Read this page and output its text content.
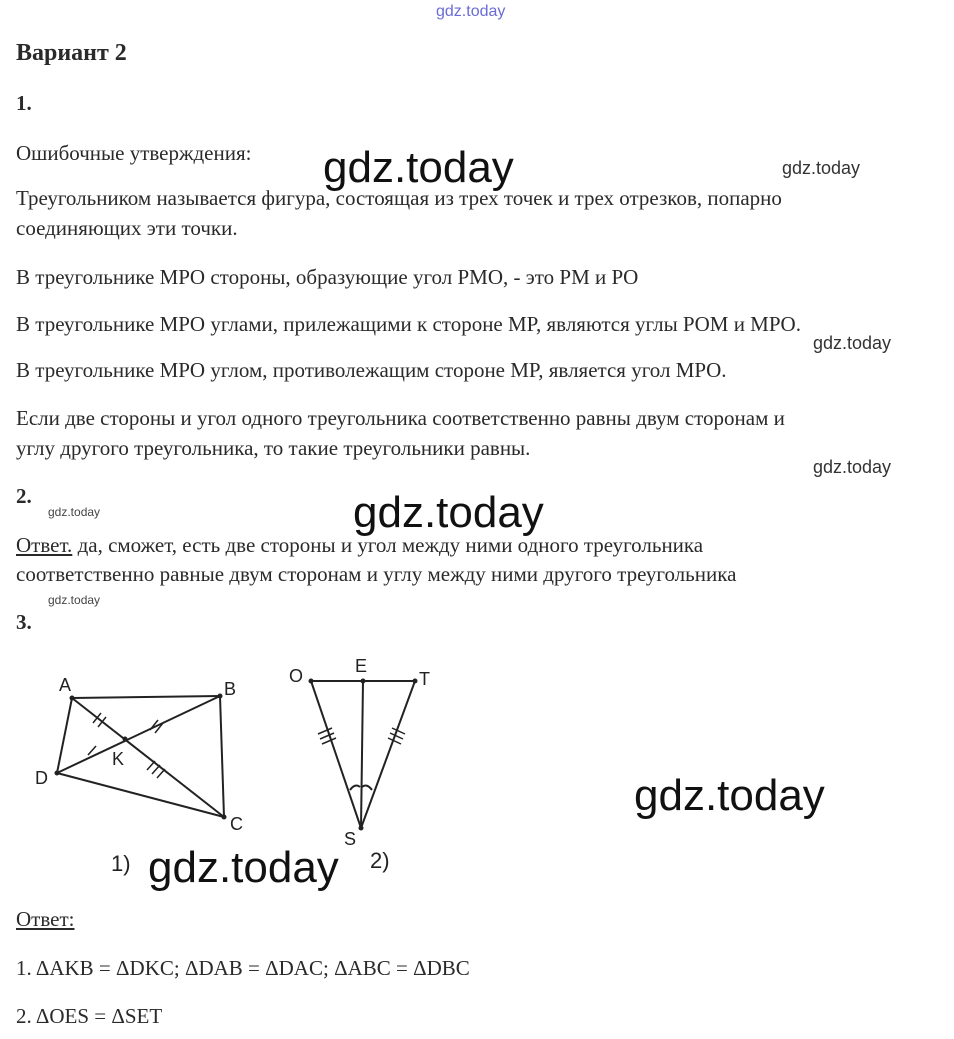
gdz.today
Вариант 2
1.
Ошибочные утверждения:
Треугольником называется фигура, состоящая из трех точек и трех отрезков, попарно
соединяющих эти точки.
В треугольнике MPO стороны, образующие угол PMO, - это PM и PO
В треугольнике MPO углами, прилежащими к стороне MP, являются углы POM и MPO.
В треугольнике MPO углом, противолежащим стороне MP, является угол MPO.
Если две стороны и угол одного треугольника соответственно равны двум сторонам и
углу другого треугольника, то такие треугольники равны.
2.
Ответ. да, сможет, есть две стороны и угол между ними одного треугольника
соответственно равные двум сторонам и углу между ними другого треугольника
3.
A	B
C
D
K
1)
O	E
T
S
2)
Ответ:
1. ΔAKB = ΔDKC; ΔDAB = ΔDAC; ΔABC = ΔDBC
2. ΔOES = ΔSET
gdz.today
gdz.today
gdz.today
gdz.today
gdz.today
gdz.today
gdz.today
gdz.today
gdz.today
